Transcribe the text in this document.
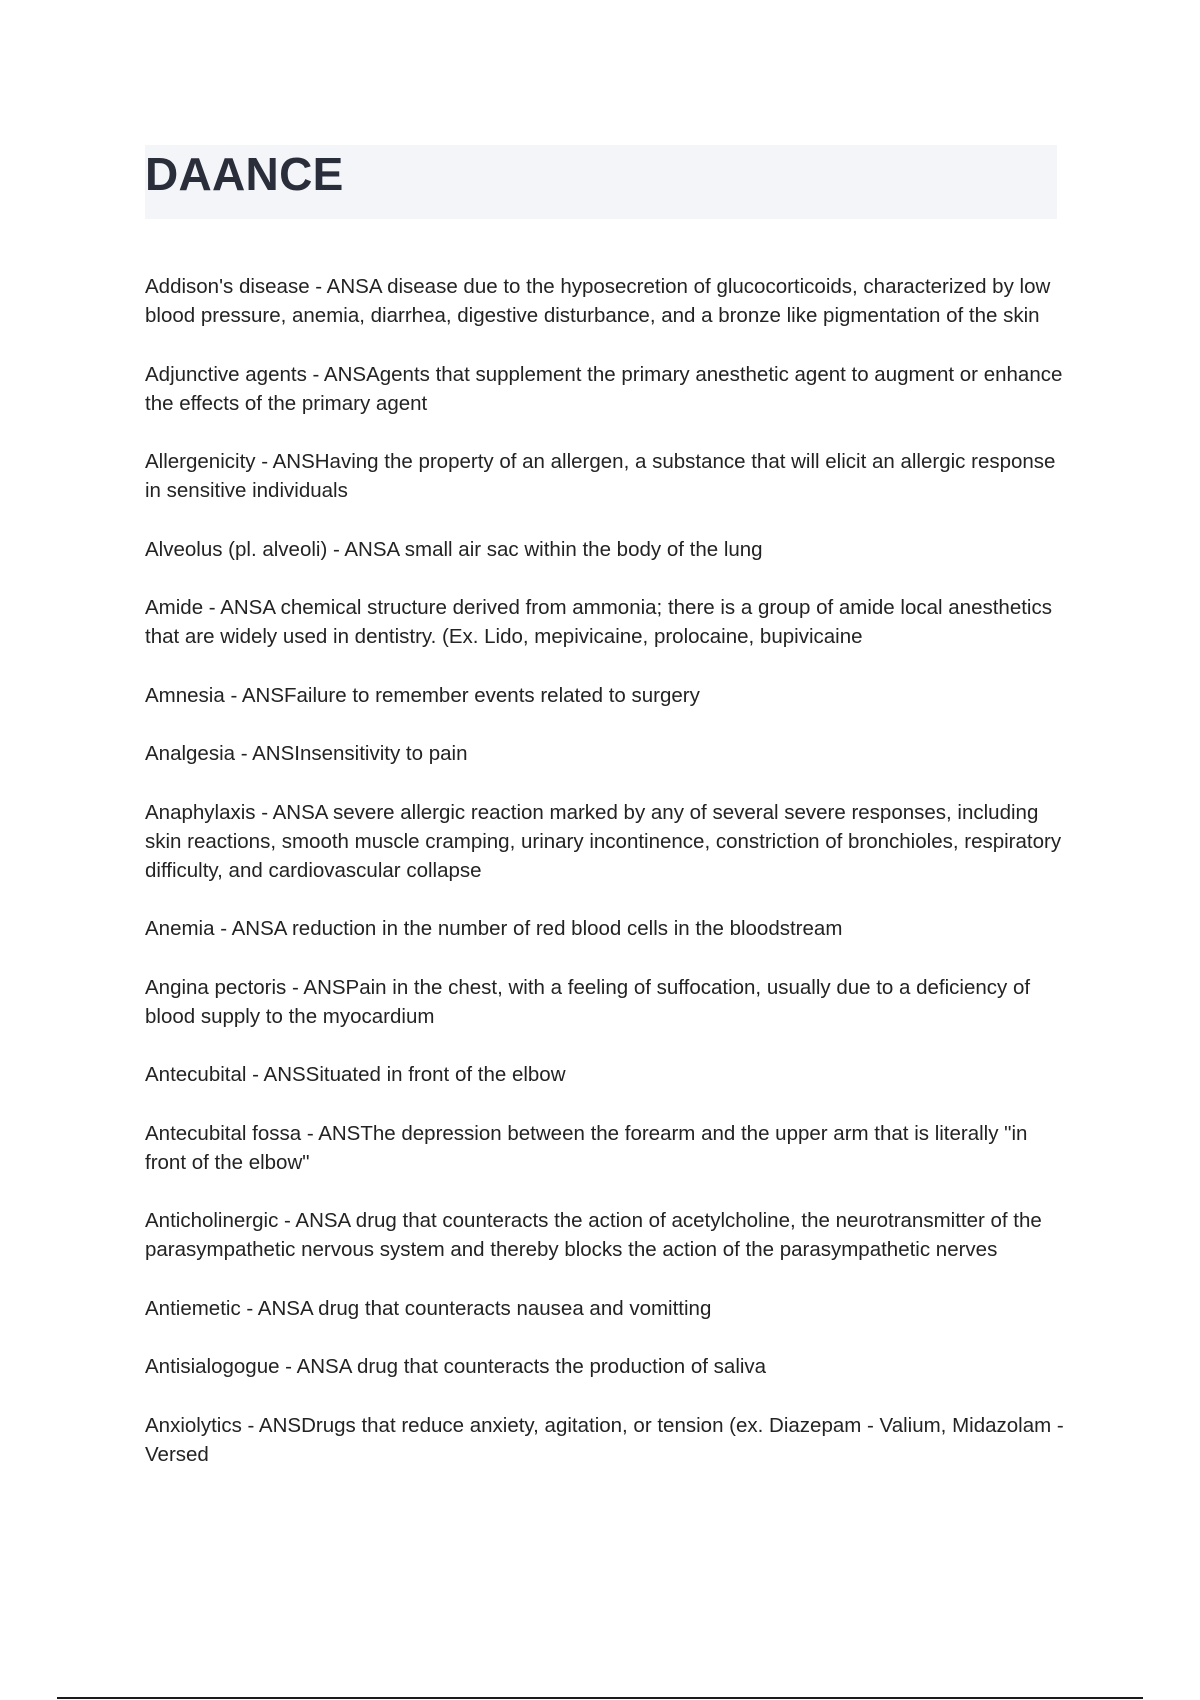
DAANCE

Addison's disease - ANSA disease due to the hyposecretion of glucocorticoids, characterized by low blood pressure, anemia, diarrhea, digestive disturbance, and a bronze like pigmentation of the skin

Adjunctive agents - ANSAgents that supplement the primary anesthetic agent to augment or enhance the effects of the primary agent

Allergenicity - ANSHaving the property of an allergen, a substance that will elicit an allergic response in sensitive individuals

Alveolus (pl. alveoli) - ANSA small air sac within the body of the lung

Amide - ANSA chemical structure derived from ammonia; there is a group of amide local anesthetics that are widely used in dentistry. (Ex. Lido, mepivicaine, prolocaine, bupivicaine

Amnesia - ANSFailure to remember events related to surgery

Analgesia - ANSInsensitivity to pain

Anaphylaxis - ANSA severe allergic reaction marked by any of several severe responses, including skin reactions, smooth muscle cramping, urinary incontinence, constriction of bronchioles, respiratory difficulty, and cardiovascular collapse

Anemia - ANSA reduction in the number of red blood cells in the bloodstream

Angina pectoris - ANSPain in the chest, with a feeling of suffocation, usually due to a deficiency of blood supply to the myocardium

Antecubital - ANSSituated in front of the elbow

Antecubital fossa - ANSThe depression between the forearm and the upper arm that is literally "in front of the elbow"

Anticholinergic - ANSA drug that counteracts the action of acetylcholine, the neurotransmitter of the parasympathetic nervous system and thereby blocks the action of the parasympathetic nerves

Antiemetic - ANSA drug that counteracts nausea and vomitting

Antisialogogue - ANSA drug that counteracts the production of saliva

Anxiolytics - ANSDrugs that reduce anxiety, agitation, or tension (ex. Diazepam - Valium, Midazolam - Versed
